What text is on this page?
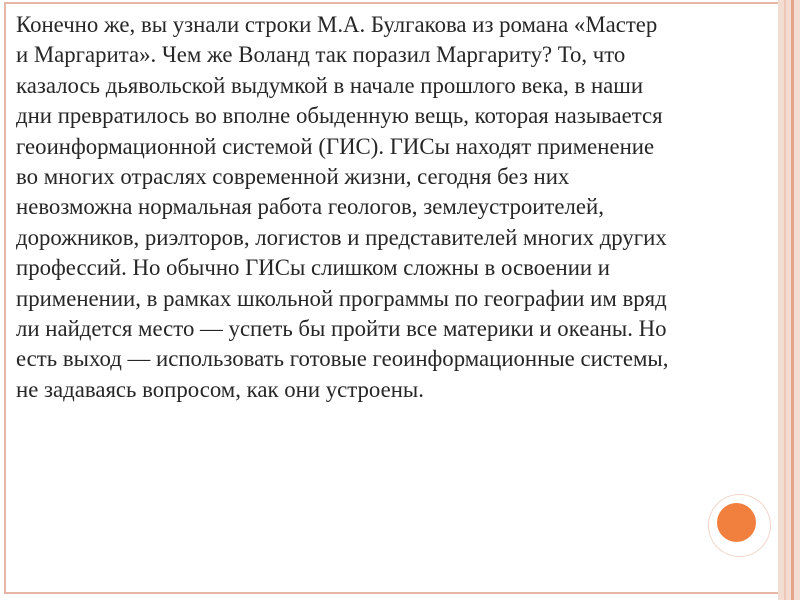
Конечно же, вы узнали строки М.А. Булгакова из романа «Мастер
и Маргарита». Чем же Воланд так поразил Маргариту? То, что
казалось дьявольской выдумкой в начале прошлого века, в наши
дни превратилось во вполне обыденную вещь, которая называется
геоинформационной системой (ГИС). ГИСы находят применение
во многих отраслях современной жизни, сегодня без них
невозможна нормальная работа геологов, землеустроителей,
дорожников, риэлторов, логистов и представителей многих других
профессий. Но обычно ГИСы слишком сложны в освоении и
применении, в рамках школьной программы по географии им вряд
ли найдется место — успеть бы пройти все материки и океаны. Но
есть выход — использовать готовые геоинформационные системы,
не задаваясь вопросом, как они устроены.
